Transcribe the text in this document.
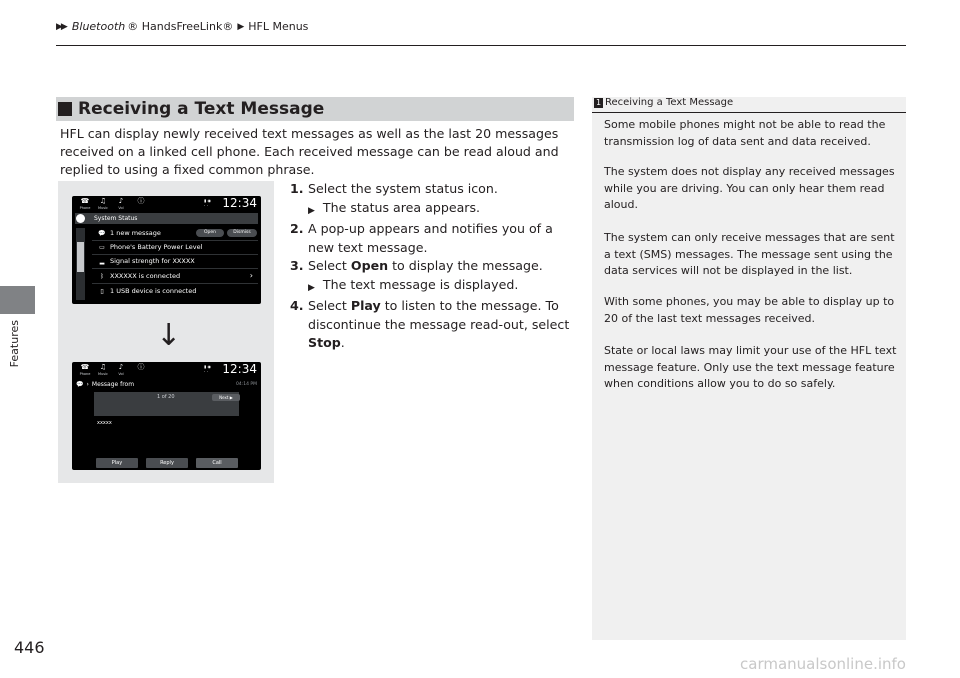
▶▶ Bluetooth ® HandsFreeLink® ▶ HFL Menus
Features
446
Receiving a Text Message
HFL can display newly received text messages as well as the last 20 messages received on a linked cell phone. Each received message can be read aloud and replied to using a fixed common phrase.
☎
Phone
♫
Music
♪
Vol
ⓘ	▮ ◉
· · 12:34
System Status
💬 1 new message	Open	Dismiss
▭ Phone's Battery Power Level
▂ Signal strength for XXXXX
ᛒ XXXXXX is connected	›
▯ 1 USB device is connected
↓
☎
Phone
♫
Music
♪
Vol
ⓘ	▮ ◉
· · 12:34
💬 › Message from	04:14 PM
1 of 20	Next ▶
xxxxx
Play	Reply	Call
1. Select the system status icon.
▶ The status area appears.
2. A pop-up appears and notifies you of a new text message.
3. Select Open to display the message.
▶ The text message is displayed.
4. Select Play to listen to the message. To discontinue the message read-out, select Stop.
1 Receiving a Text Message
Some mobile phones might not be able to read the transmission log of data sent and data received.
The system does not display any received messages while you are driving. You can only hear them read aloud.
The system can only receive messages that are sent a text (SMS) messages. The message sent using the data services will not be displayed in the list.
With some phones, you may be able to display up to 20 of the last text messages received.
State or local laws may limit your use of the HFL text message feature. Only use the text message feature when conditions allow you to do so safely.
carmanualsonline.info
